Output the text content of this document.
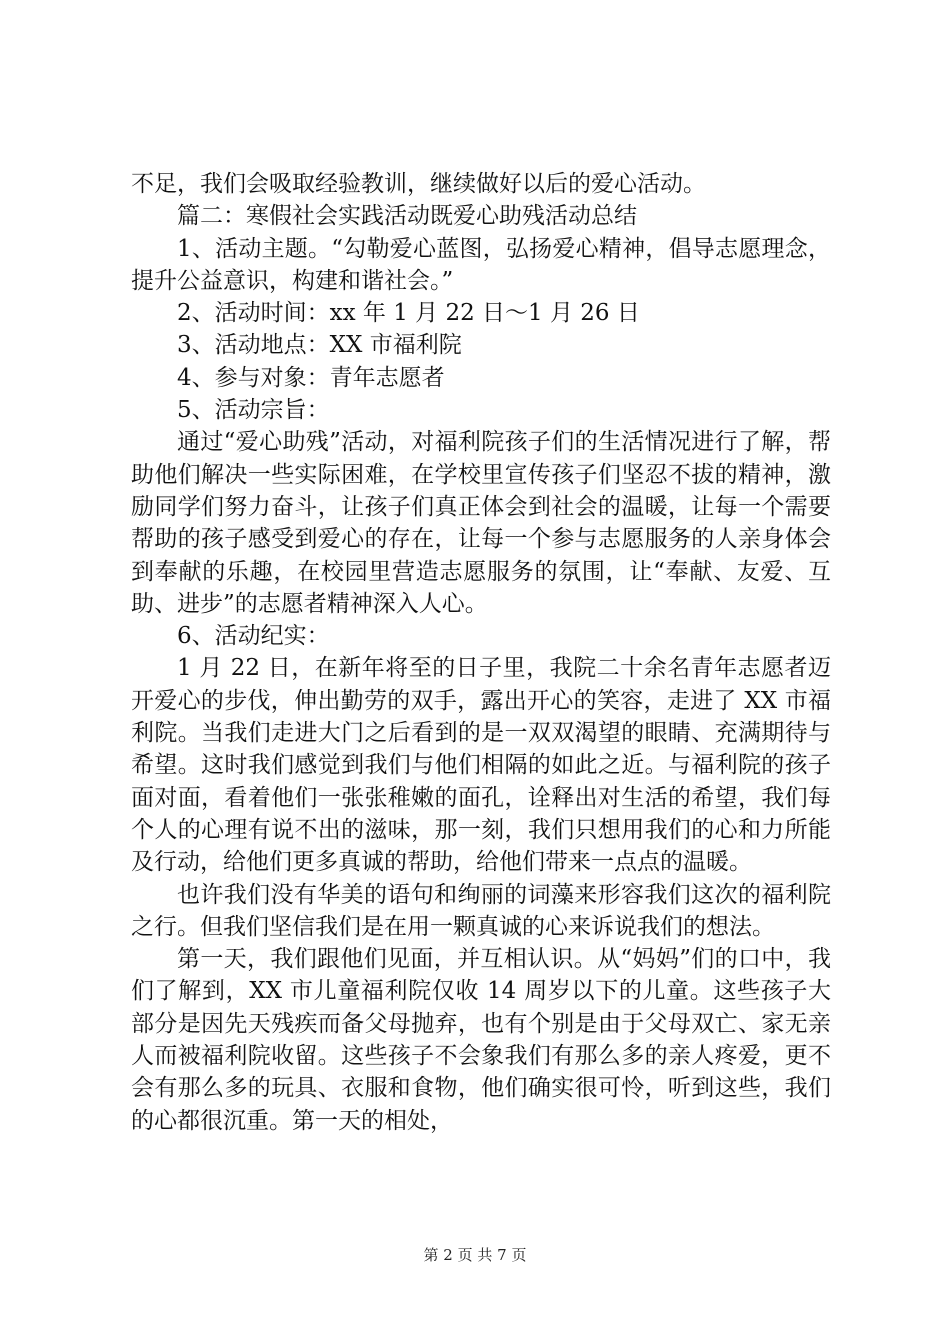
不足，我们会吸取经验教训，继续做好以后的爱心活动。

篇二：寒假社会实践活动既爱心助残活动总结

1、活动主题。“勾勒爱心蓝图，弘扬爱心精神，倡导志愿理念，提升公益意识，构建和谐社会。”

2、活动时间：xx 年 1 月 22 日～1 月 26 日

3、活动地点：XX 市福利院

4、参与对象：青年志愿者

5、活动宗旨：

通过“爱心助残”活动，对福利院孩子们的生活情况进行了解，帮助他们解决一些实际困难，在学校里宣传孩子们坚忍不拔的精神，激励同学们努力奋斗，让孩子们真正体会到社会的温暖，让每一个需要帮助的孩子感受到爱心的存在，让每一个参与志愿服务的人亲身体会到奉献的乐趣，在校园里营造志愿服务的氛围，让“奉献、友爱、互助、进步”的志愿者精神深入人心。

6、活动纪实：

1 月 22 日，在新年将至的日子里，我院二十余名青年志愿者迈开爱心的步伐，伸出勤劳的双手，露出开心的笑容，走进了 XX 市福利院。当我们走进大门之后看到的是一双双渴望的眼睛、充满期待与希望。这时我们感觉到我们与他们相隔的如此之近。与福利院的孩子面对面，看着他们一张张稚嫩的面孔，诠释出对生活的希望，我们每个人的心理有说不出的滋味，那一刻，我们只想用我们的心和力所能及行动，给他们更多真诚的帮助，给他们带来一点点的温暖。

也许我们没有华美的语句和绚丽的词藻来形容我们这次的福利院之行。但我们坚信我们是在用一颗真诚的心来诉说我们的想法。

第一天，我们跟他们见面，并互相认识。从“妈妈”们的口中，我们了解到，XX 市儿童福利院仅收 14 周岁以下的儿童。这些孩子大部分是因先天残疾而备父母抛弃，也有个别是由于父母双亡、家无亲人而被福利院收留。这些孩子不会象我们有那么多的亲人疼爱，更不会有那么多的玩具、衣服和食物，他们确实很可怜，听到这些，我们的心都很沉重。第一天的相处，

第 2 页 共 7 页
